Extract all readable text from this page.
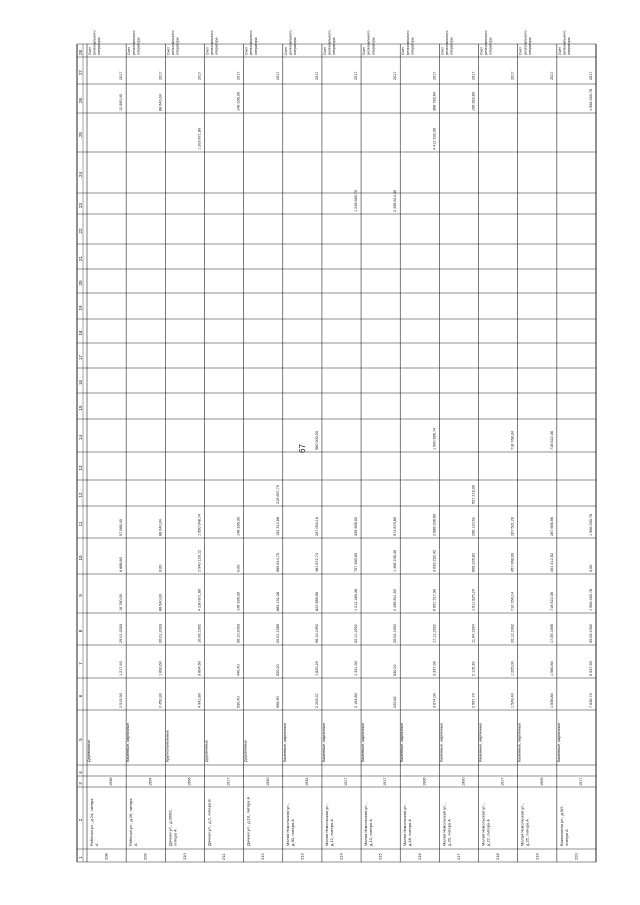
67
1
2
3
4
5
6
7
8
9
10
11
12
13
14
15
16
17
18
19
20
21
22
23
24
25
26
27
28
208
Рабочая ул., д.24, литера А
1936
Деревянные
2 519,30
1 217,40
29.01.2003
16 780,00
6 888,80
97 088,40
12 690,40
2017
Счет регионального оператора
209
Рабочая ул., д.26, литера А
1954
Каменные, кирпичные
2 450,30
1 890,60
26.01.2003
88 640,00
0,00
88 640,04
88 640,04
2017
Счет регионального оператора
210
Дачная ул., д.30/82, литера А
1956
Крупнопанельные
4 941,80
3 804,60
16.06.1992
4 230 871,80
2 940 120,12
1 050 948,74
1 203 871,80
2017
Счет регионального оператора
211
Дачная ул., д.2, литера Б
1917
Деревянные
530,40
440,40
06.10.2003
148 336,30
0,00
148 336,30
148 336,30
2017
Счет регионального оператора
212
Дачная ул., д.10, литера А
1930
Деревянные
556,90
520,20
20.01.1989
883 132,38
589 814,70
152 312,68
216 697,70
2017
Счет регионального оператора
213
Малая Никольская ул., д.30, литера А
1932
Каменные, кирпичные
2 203,37
1 825,20
06.10.1992
822 985,96
481 872,74
257 053,16
980 000,00
2017
Счет регионального оператора
214
Малая Никольская ул., д.12, литера А
1917
Каменные, кирпичные
2 164,80
1 341,30
02.11.1992
1 212 480,28
757 480,60
339 966,92
1 248 660,70
2017
Счет регионального оператора
215
Малая Никольская ул., д.13, литера А
1917
Каменные, кирпичные
240,62
630,22
26.02.1992
2 498 811,50
1 468 235,40
974 875,80
2 498 814,30
2017
Счет регионального оператора
216
Малая Никольская ул., д.18, литера А
1906
Каменные, кирпичные
3 674,00
3 337,30
17.11.1992
6 651 517,90
3 633 292,42
2 888 296,60
1 900 986,74
4 412 932,00
368 783,64
2017
Счет регионального оператора
217
Малая Никольская ул., д.20, литера А
1900
Каменные, кирпичные
2 567,70
2 115,30
11.04.1994
1 611 825,24
806 225,82
298 110,62
507 216,00
196 393,80
2017
Счет регионального оператора
218
Малая Никольская ул., д.22, литера А
1917
Каменные, кирпичные
1 549,40
1 205,00
20.12.1992
710 766,14
457 068,90
267 501,20
718 768,34
2017
Счет регионального оператора
219
Малая Никольская ул., д.25, литера А
1905
Каменные, кирпичные
1 838,80
1 580,80
17.05.1995
718 622,36
401 412,62
287 666,96
718 622,36
2017
Счет регионального оператора
220
Вокзальная ул., д.9/2, литера А
1917
Каменные, кирпичные
7 636,70
6 937,90
09.09.1992
1 966 260,76
0,00
1 966 260,76
1 966 260,76
2017
Счет регионального оператора
